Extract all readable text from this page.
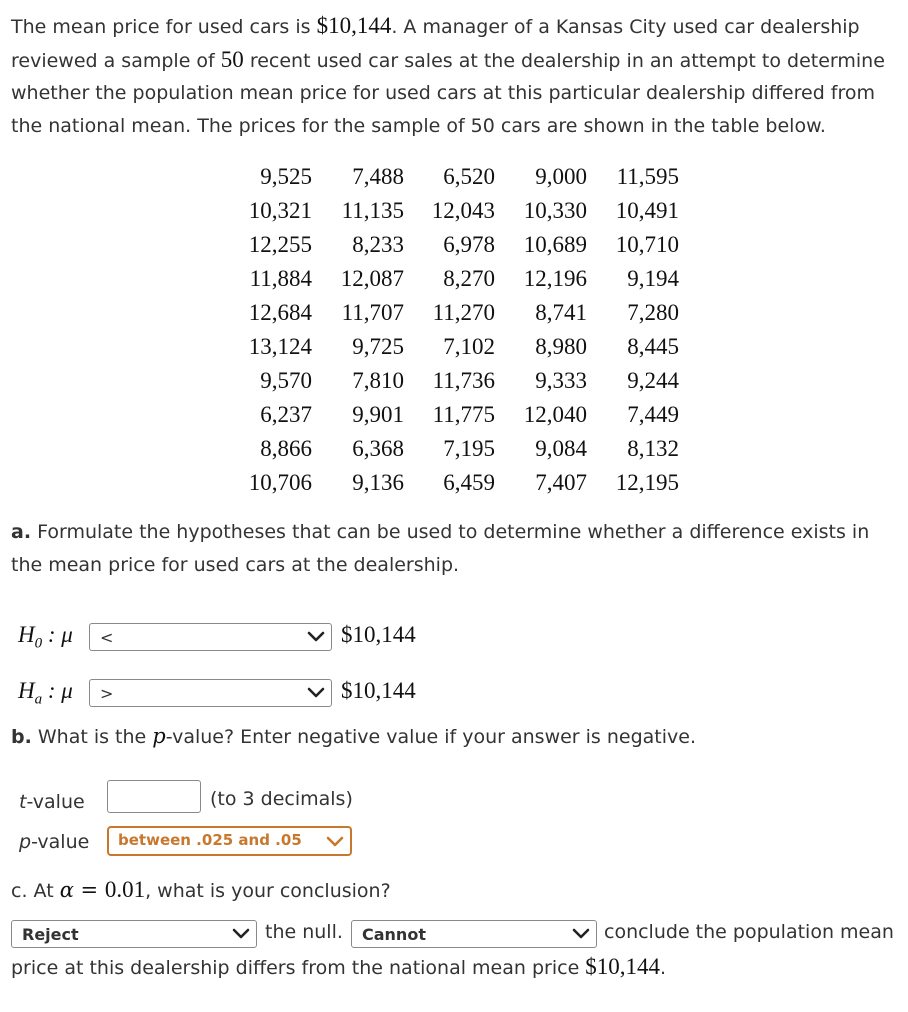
The mean price for used cars is $10,144. A manager of a Kansas City used car dealership
reviewed a sample of 50 recent used car sales at the dealership in an attempt to determine
whether the population mean price for used cars at this particular dealership differed from
the national mean. The prices for the sample of 50 cars are shown in the table below.
9,525	7,488	6,520	9,000	11,595
10,321	11,135	12,043	10,330	10,491
12,255	8,233	6,978	10,689	10,710
11,884	12,087	8,270	12,196	9,194
12,684	11,707	11,270	8,741	7,280
13,124	9,725	7,102	8,980	8,445
9,570	7,810	11,736	9,333	9,244
6,237	9,901	11,775	12,040	7,449
8,866	6,368	7,195	9,084	8,132
10,706	9,136	6,459	7,407	12,195
a. Formulate the hypotheses that can be used to determine whether a difference exists in
the mean price for used cars at the dealership.
$H_0$ : μ <	$10,144
$H_a$ : μ >	$10,144
b. What is the p-value? Enter negative value if your answer is negative.
t-value	(to 3 decimals)
p-value between .025 and .05
c. At α = 0.01, what is your conclusion?
Reject	the null. Cannot	conclude the population mean
price at this dealership differs from the national mean price $10,144.
